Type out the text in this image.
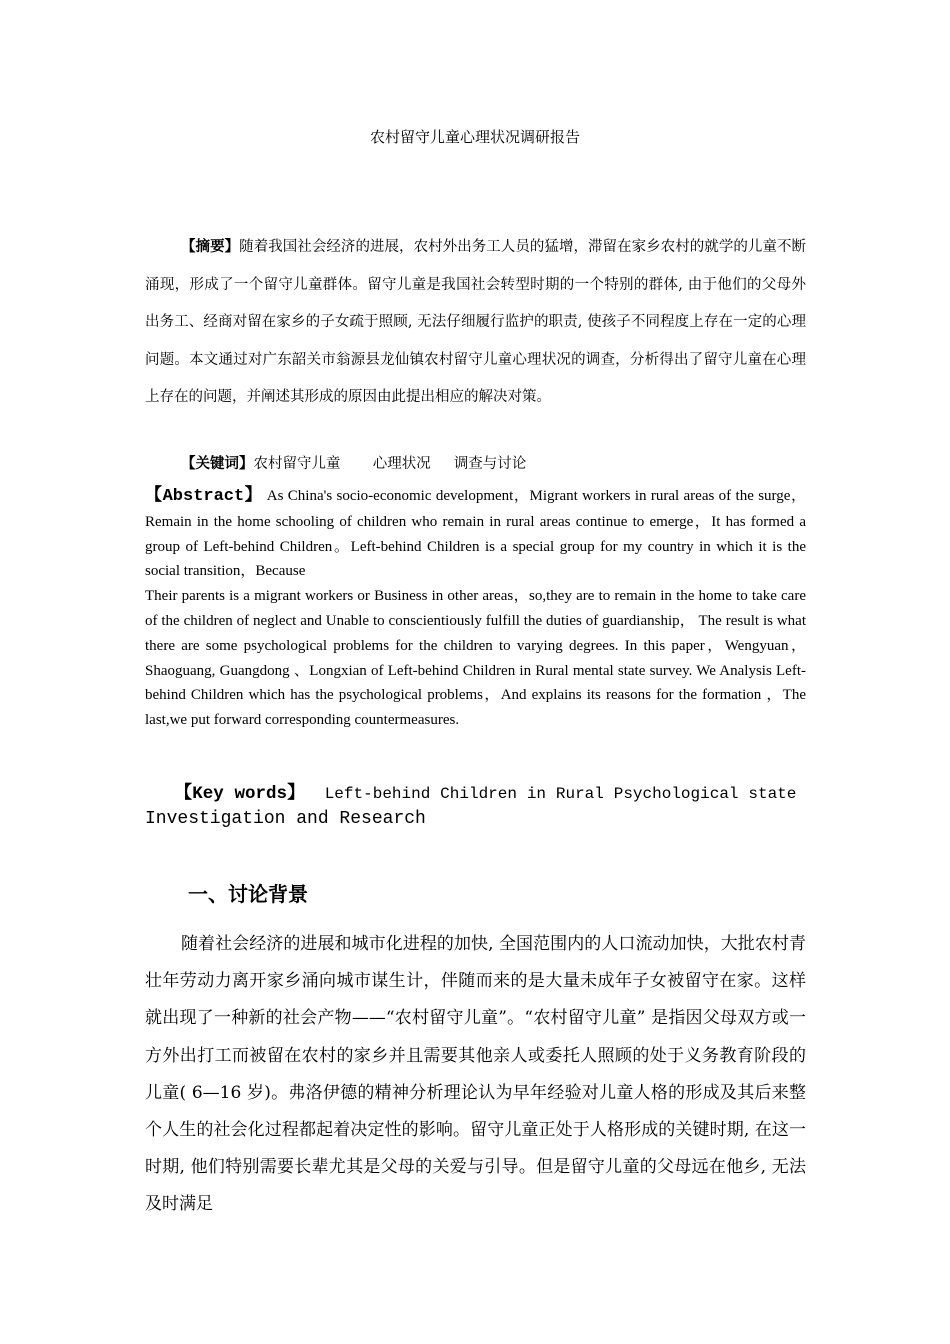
农村留守儿童心理状况调研报告

【摘要】随着我国社会经济的进展，农村外出务工人员的猛增，滞留在家乡农村的就学的儿童不断涌现，形成了一个留守儿童群体。留守儿童是我国社会转型时期的一个特别的群体, 由于他们的父母外出务工、经商对留在家乡的子女疏于照顾, 无法仔细履行监护的职责, 使孩子不同程度上存在一定的心理问题。本文通过对广东韶关市翁源县龙仙镇农村留守儿童心理状况的调查，分析得出了留守儿童在心理上存在的问题，并阐述其形成的原因由此提出相应的解决对策。

【关键词】农村留守儿童 心理状况 调查与讨论

【Abstract】 As China's socio-economic development，Migrant workers in rural areas of the surge， Remain in the home schooling of children who remain in rural areas continue to emerge，It has formed a group of Left-behind Children。Left-behind Children is a special group for my country in which it is the social transition，Because
Their parents is a migrant workers or Business in other areas，so,they are to remain in the home to take care of the children of neglect and Unable to conscientiously fulfill the duties of guardianship， The result is what there are some psychological problems for the children to varying degrees. In this paper，Wengyuan，Shaoguang, Guangdong 、Longxian of Left-behind Children in Rural mental state survey. We Analysis Left-behind Children which has the psychological problems，And explains its reasons for the formation ，The last,we put forward corresponding countermeasures.

【Key words】 Left-behind Children in Rural Psychological state  Investigation and Research

一、讨论背景

随着社会经济的进展和城市化进程的加快, 全国范围内的人口流动加快，大批农村青壮年劳动力离开家乡涌向城市谋生计，伴随而来的是大量未成年子女被留守在家。这样就出现了一种新的社会产物——“农村留守儿童”。“农村留守儿童” 是指因父母双方或一方外出打工而被留在农村的家乡并且需要其他亲人或委托人照顾的处于义务教育阶段的儿童( 6—16 岁)。弗洛伊德的精神分析理论认为早年经验对儿童人格的形成及其后来整个人生的社会化过程都起着决定性的影响。留守儿童正处于人格形成的关键时期, 在这一时期, 他们特别需要长辈尤其是父母的关爱与引导。但是留守儿童的父母远在他乡, 无法及时满足
